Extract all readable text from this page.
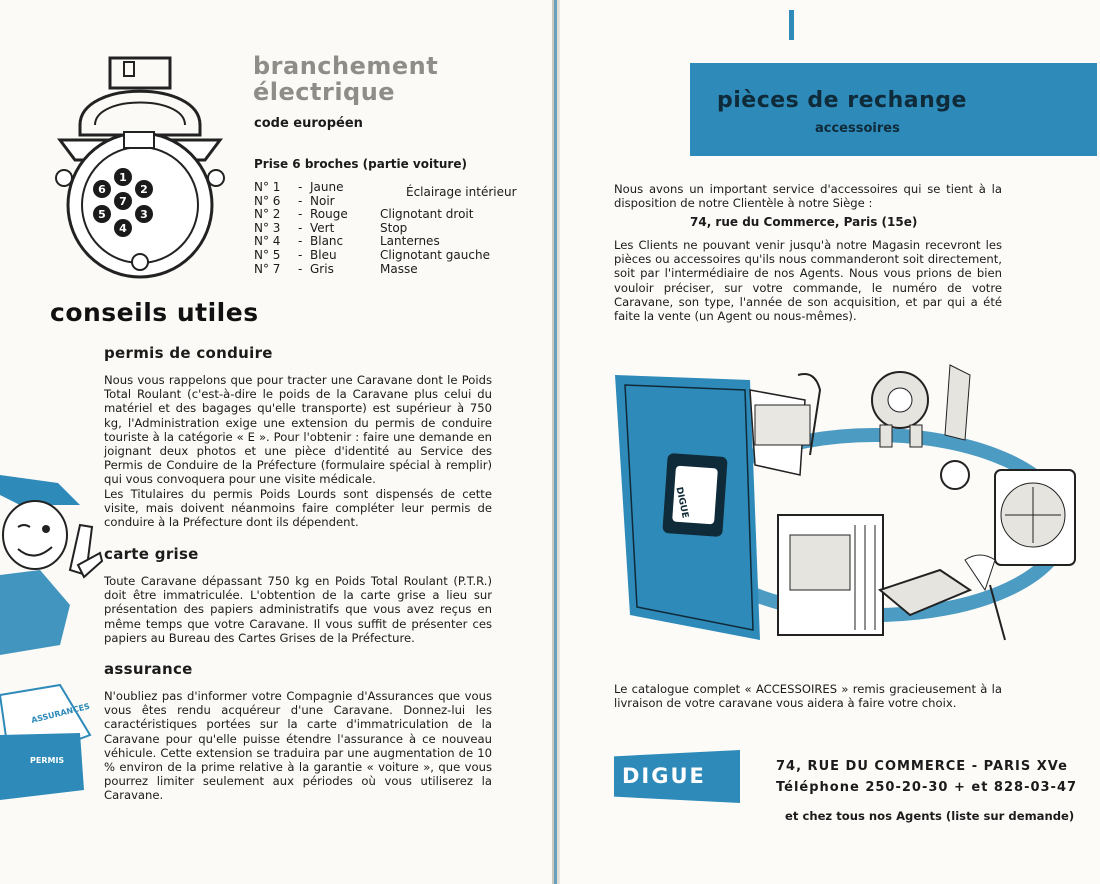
1
2
3
4
5
6
7
branchement
électrique
code européen
Prise 6 broches (partie voiture)
N° 1	- Jaune	Éclairage intérieur
N° 6	- Noir
N° 2	- Rouge	Clignotant droit
N° 3	- Vert	Stop
N° 4	- Blanc	Lanternes
N° 5	- Bleu	Clignotant gauche
N° 7	- Gris	Masse
conseils utiles
permis de conduire
Nous vous rappelons que pour tracter une Caravane dont le Poids Total Roulant (c'est-à-dire le poids de la Caravane plus celui du matériel et des bagages qu'elle transporte) est supérieur à 750 kg, l'Administration exige une extension du permis de conduire touriste à la catégorie « E ». Pour l'obtenir : faire une demande en joignant deux photos et une pièce d'identité au Service des Permis de Conduire de la Préfecture (formulaire spécial à remplir) qui vous convoquera pour une visite médicale.
Les Titulaires du permis Poids Lourds sont dispensés de cette visite, mais doivent néanmoins faire compléter leur permis de conduire à la Préfecture dont ils dépendent.
carte grise
Toute Caravane dépassant 750 kg en Poids Total Roulant (P.T.R.) doit être immatriculée. L'obtention de la carte grise a lieu sur présentation des papiers administratifs que vous avez reçus en même temps que votre Caravane. Il vous suffit de présenter ces papiers au Bureau des Cartes Grises de la Préfecture.
assurance
N'oubliez pas d'informer votre Compagnie d'Assurances que vous vous êtes rendu acquéreur d'une Caravane. Donnez-lui les caractéristiques portées sur la carte d'immatriculation de la Caravane pour qu'elle puisse étendre l'assurance à ce nouveau véhicule. Cette extension se traduira par une augmentation de 10 % environ de la prime relative à la garantie « voiture », que vous pourrez limiter seulement aux périodes où vous utiliserez la Caravane.
ASSURANCES
PERMIS
pièces de rechange
accessoires
Nous avons un important service d'accessoires qui se tient à la disposition de notre Clientèle à notre Siège :
74, rue du Commerce, Paris (15e)
Les Clients ne pouvant venir jusqu'à notre Magasin recevront les pièces ou accessoires qu'ils nous commanderont soit directement, soit par l'intermédiaire de nos Agents. Nous vous prions de bien vouloir préciser, sur votre commande, le numéro de votre Caravane, son type, l'année de son acquisition, et par qui a été faite la vente (un Agent ou nous-mêmes).
DIGUE
Le catalogue complet « ACCESSOIRES » remis gracieusement à la livraison de votre caravane vous aidera à faire votre choix.
DIGUE	74, RUE DU COMMERCE - PARIS XVe
Téléphone 250-20-30 + et 828-03-47
et chez tous nos Agents (liste sur demande)
